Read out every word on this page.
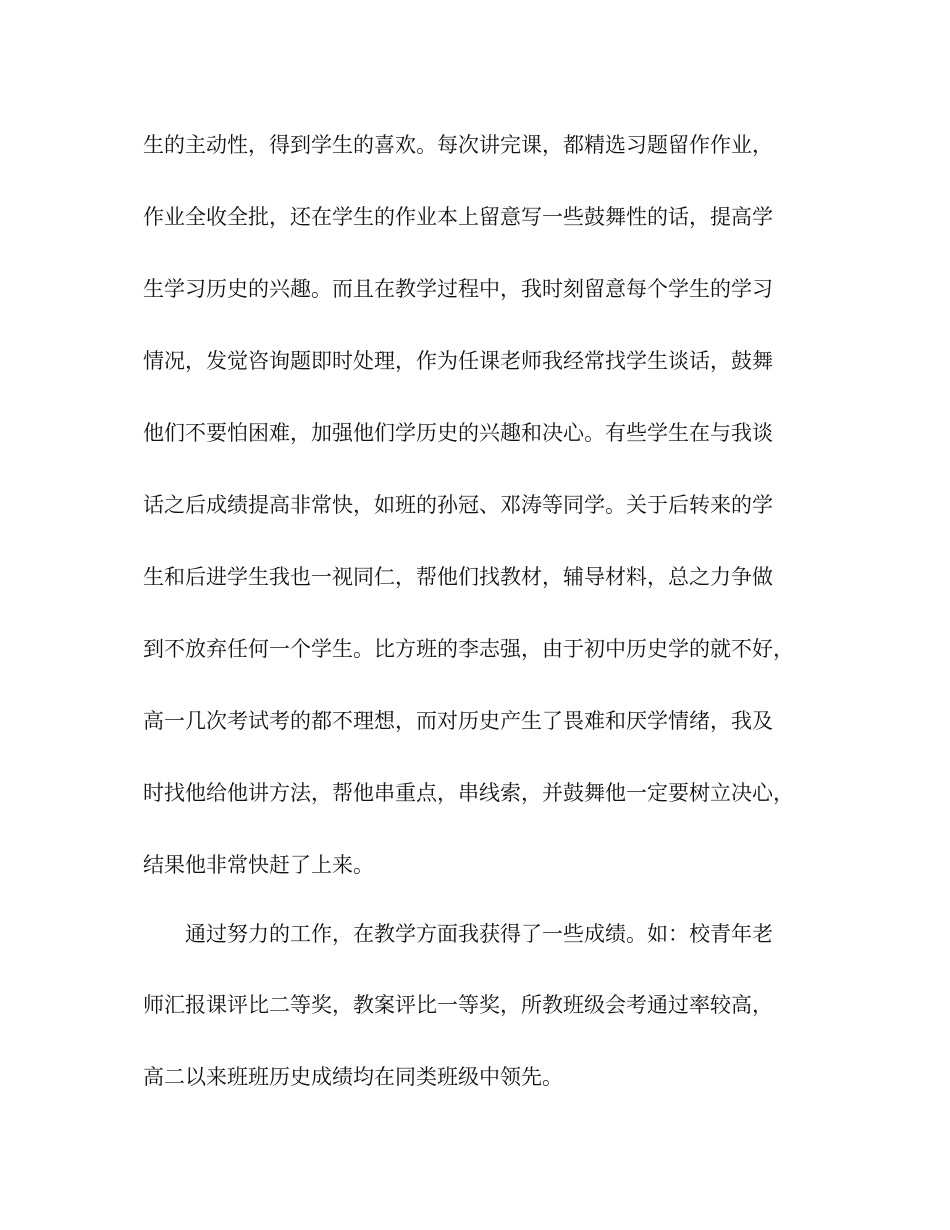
生的主动性，得到学生的喜欢。每次讲完课，都精选习题留作作业，
作业全收全批，还在学生的作业本上留意写一些鼓舞性的话，提高学
生学习历史的兴趣。而且在教学过程中，我时刻留意每个学生的学习
情况，发觉咨询题即时处理，作为任课老师我经常找学生谈话，鼓舞
他们不要怕困难，加强他们学历史的兴趣和决心。有些学生在与我谈
话之后成绩提高非常快，如班的孙冠、邓涛等同学。关于后转来的学
生和后进学生我也一视同仁，帮他们找教材，辅导材料，总之力争做
到不放弃任何一个学生。比方班的李志强，由于初中历史学的就不好，
高一几次考试考的都不理想，而对历史产生了畏难和厌学情绪，我及
时找他给他讲方法，帮他串重点，串线索，并鼓舞他一定要树立决心，
结果他非常快赶了上来。
通过努力的工作，在教学方面我获得了一些成绩。如：校青年老
师汇报课评比二等奖，教案评比一等奖，所教班级会考通过率较高，
高二以来班班历史成绩均在同类班级中领先。
